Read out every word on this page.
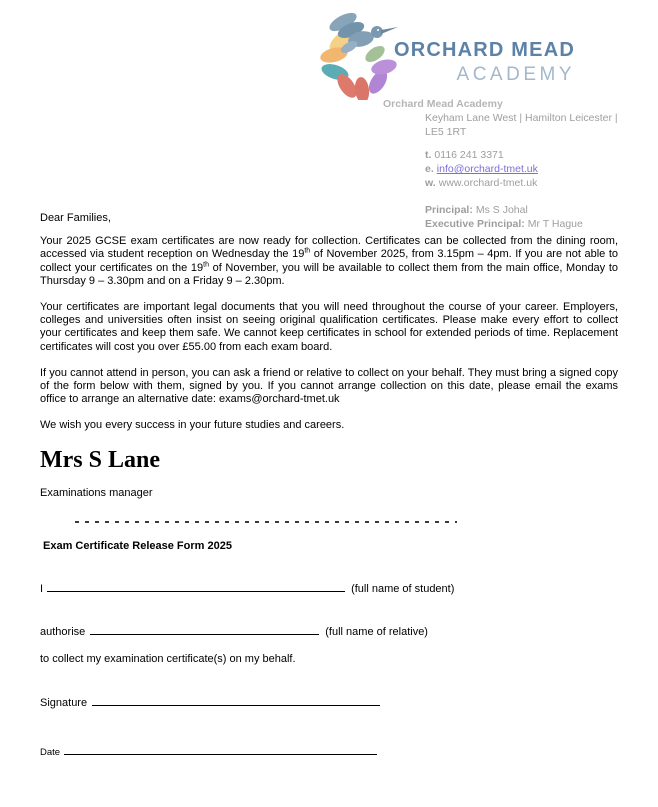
ORCHARD MEAD
ACADEMY
Orchard Mead Academy
Keyham Lane West | Hamilton Leicester |
LE5 1RT
t. 0116 241 3371
e. info@orchard-tmet.uk
w. www.orchard-tmet.uk
Principal: Ms S Johal
Executive Principal: Mr T Hague

Dear Families,

Your 2025 GCSE exam certificates are now ready for collection. Certificates can be collected from the dining room, accessed via student reception on Wednesday the 19th of November 2025, from 3.15pm – 4pm. If you are not able to collect your certificates on the 19th of November, you will be available to collect them from the main office, Monday to Thursday 9 – 3.30pm and on a Friday 9 – 2.30pm.

Your certificates are important legal documents that you will need throughout the course of your career. Employers, colleges and universities often insist on seeing original qualification certificates. Please make every effort to collect your certificates and keep them safe. We cannot keep certificates in school for extended periods of time. Replacement certificates will cost you over £55.00 from each exam board.

If you cannot attend in person, you can ask a friend or relative to collect on your behalf. They must bring a signed copy of the form below with them, signed by you. If you cannot arrange collection on this date, please email the exams office to arrange an alternative date: exams@orchard-tmet.uk

We wish you every success in your future studies and careers.

Mrs S Lane

Examinations manager

Exam Certificate Release Form 2025
I	(full name of student)
authorise	(full name of relative)
to collect my examination certificate(s) on my behalf.
Signature
Date
